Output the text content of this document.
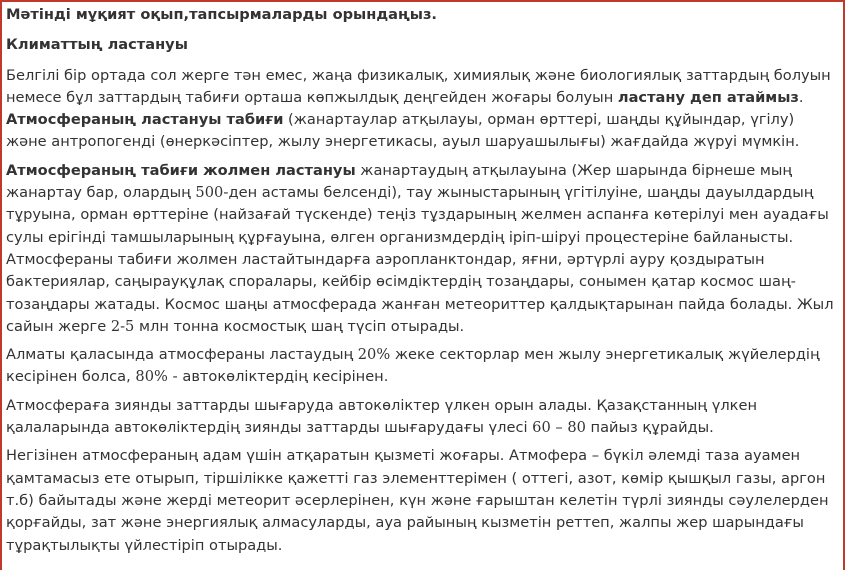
Мәтінді мұқият оқып,тапсырмаларды орындаңыз.
Климаттың ластануы

Белгілі бір ортада сол жерге тән емес, жаңа физикалық, химиялық және биологиялық заттардың болуын немесе бұл заттардың табиғи орташа көпжылдық деңгейден жоғары болуын ластану деп атаймыз. Атмосфераның ластануы табиғи (жанартаулар атқылауы, орман өрттері, шаңды құйындар, үгілу) және антропогенді (өнеркәсіптер, жылу энергетикасы, ауыл шаруашылығы) жағдайда жүруі мүмкін.

Атмосфераның табиғи жолмен ластануы жанартаудың атқылауына (Жер шарында бірнеше мың жанартау бар, олардың 500-ден астамы белсенді), тау жыныстарының үгітілуіне, шаңды дауылдардың тұруына, орман өрттеріне (найзағай түскенде) теңіз тұздарының желмен аспанға көтерілуі мен ауадағы сулы ерігінді тамшыларының құрғауына, өлген организмдердің іріп-шіруі процестеріне байланысты. Атмосфераны табиғи жолмен ластайтындарға аэропланктондар, яғни, әртүрлі ауру қоздыратын бактериялар, саңырауқұлақ споралары, кейбір өсімдіктердің тозаңдары, сонымен қатар космос шаң-тозаңдары жатады. Космос шаңы атмосферада жанған метеориттер қалдықтарынан пайда болады. Жыл сайын жерге 2-5 млн тонна космостық шаң түсіп отырады.

Алматы қаласында атмосфераны ластаудың 20% жеке секторлар мен жылу энергетикалық жүйелердің кесірінен болса, 80% - автокөліктердің кесірінен.

Атмосфераға зиянды заттарды шығаруда автокөліктер үлкен орын алады. Қазақстанның үлкен қалаларында автокөліктердің зиянды заттарды шығарудағы үлесі 60 – 80 пайыз құрайды.

Негізінен атмосфераның адам үшін атқаратын қызметі жоғары. Атмофера – бүкіл әлемді таза ауамен қамтамасыз ете отырып, тіршілікке қажетті газ элементтерімен ( оттегі, азот, көмір қышқыл газы, аргон т.б) байытады және жерді метеорит әсерлерінен, күн және ғарыштан келетін түрлі зиянды сәулелерден қорғайды, зат және энергиялық алмасуларды, ауа райының кызметін реттеп, жалпы жер шарындағы тұрақтылықты үйлестіріп отырады.
